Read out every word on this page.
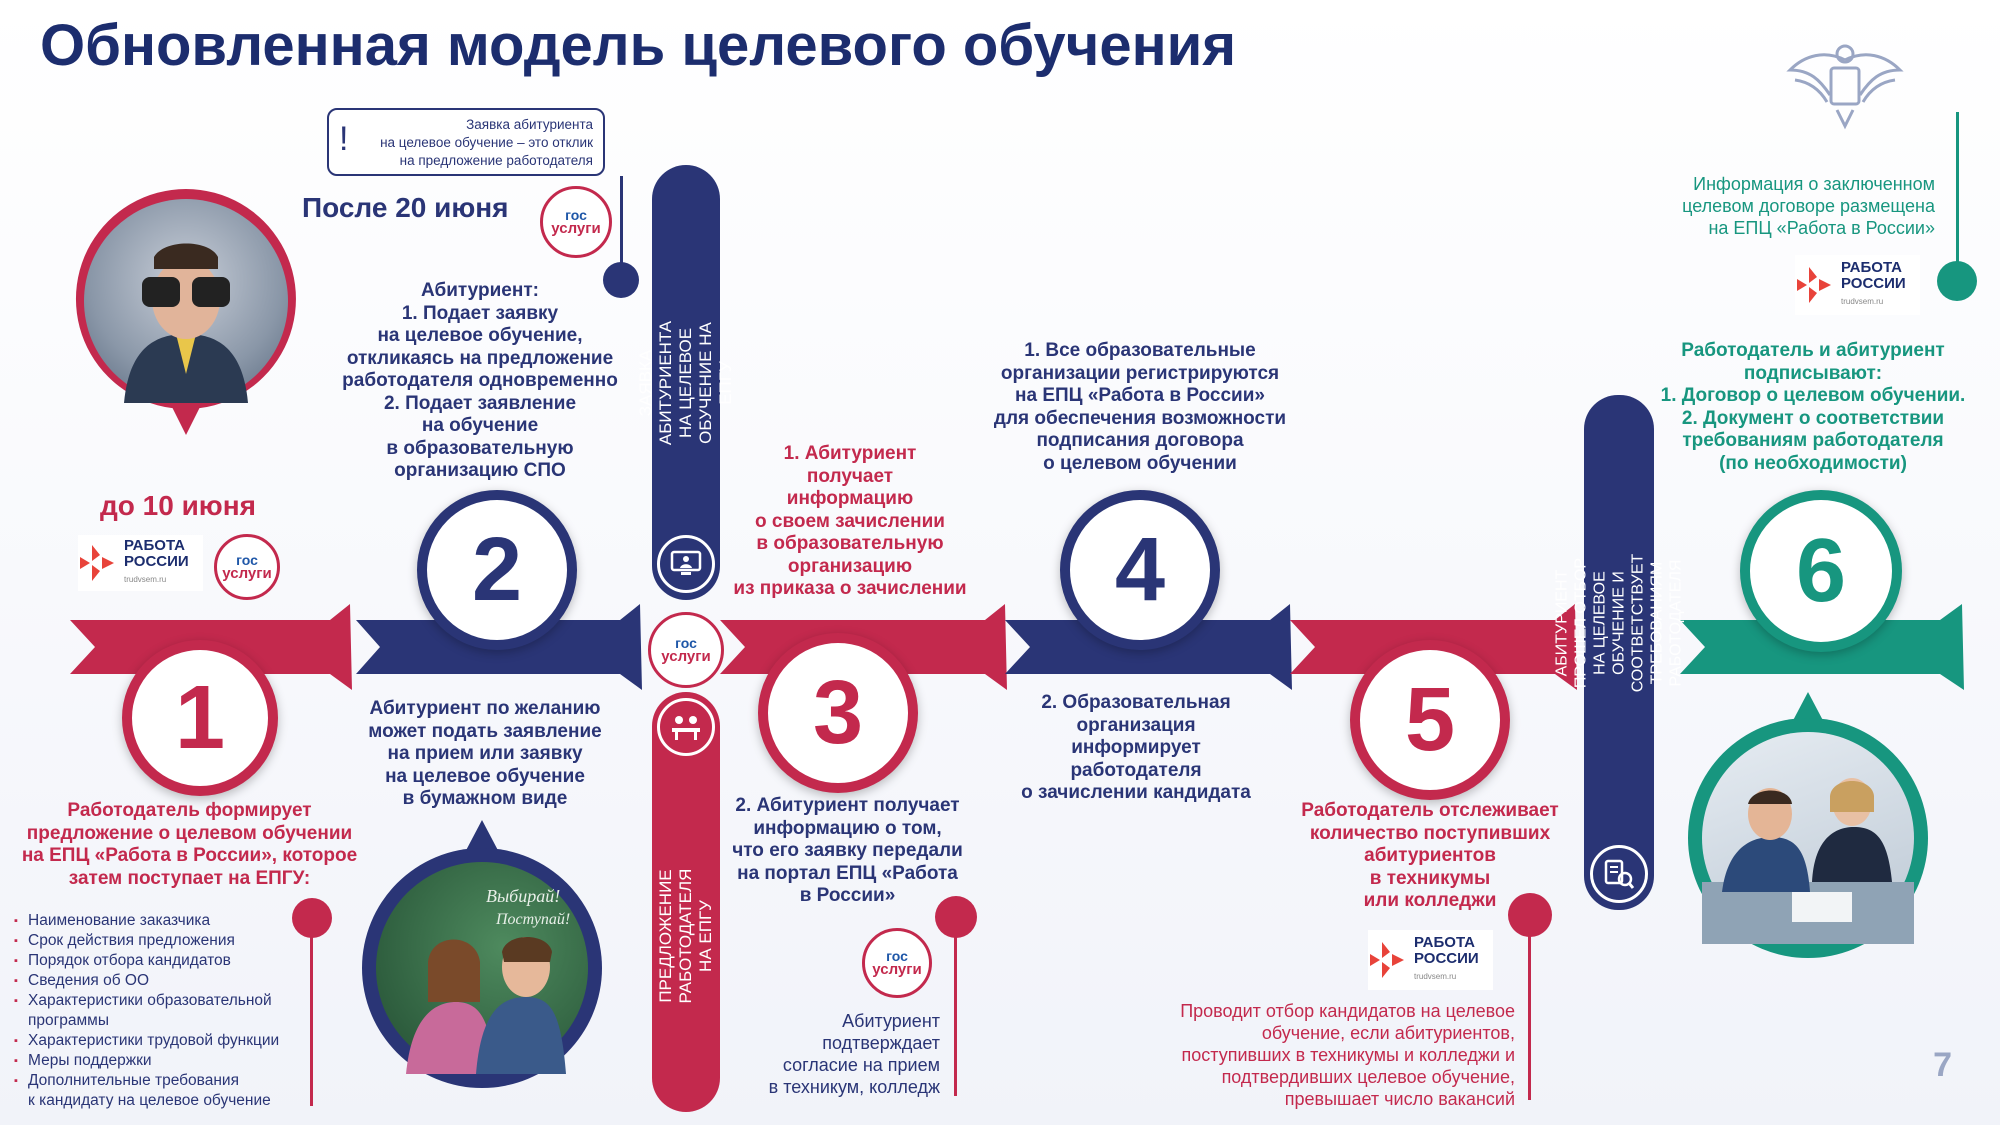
Обновленная модель целевого обучения
до 10 июня
РАБОТА
РОССИИ
trudvsem.ru
гос
услуги
1
Работодатель формирует
предложение о целевом обучении
на ЕПЦ «Работа в России», которое
затем поступает на ЕПГУ:
▪ Наименование заказчика
▪ Срок действия предложения
▪ Порядок отбора кандидатов
▪ Сведения об ОО
▪ Характеристики образовательной
программы
▪ Характеристики трудовой функции
▪ Меры поддержки
▪ Дополнительные требования
к кандидату на целевое обучение
!	Заявка абитуриента
на целевое обучение – это отклик
на предложение работодателя
После 20 июня	гос
услуги
Абитуриент:
1. Подает заявку
на целевое обучение,
откликаясь на предложение
работодателя одновременно
2. Подает заявление
на обучение
в образовательную
организацию СПО
2
Абитуриент по желанию
может подать заявление
на прием или заявку
на целевое обучение
в бумажном виде
Выбирай!
Поступай!
ЗАЯВКА АБИТУРИЕНТА
НА ЦЕЛЕВОЕ ОБУЧЕНИЕ НА ЕПГУ
гос
услуги
ПРЕДЛОЖЕНИЕ РАБОТОДАТЕЛЯ
НА ЕПГУ
1. Абитуриент
получает
информацию
о своем зачислении
в образовательную
организацию
из приказа о зачислении
3
2. Абитуриент получает
информацию о том,
что его заявку передали
на портал ЕПЦ «Работа
в России»
гос
услуги
Абитуриент
подтверждает
согласие на прием
в техникум, колледж
1. Все образовательные
организации регистрируются
на ЕПЦ «Работа в России»
для обеспечения возможности
подписания договора
о целевом обучении
4
2. Образовательная
организация
информирует
работодателя
о зачислении кандидата
5
Работодатель отслеживает
количество поступивших
абитуриентов
в техникумы
или колледжи
РАБОТА
РОССИИ
trudvsem.ru
Проводит отбор кандидатов на целевое
обучение, если абитуриентов,
поступивших в техникумы и колледжи и
подтвердивших целевое обучение,
превышает число вакансий
АБИТУРИЕНТ ПРОШЕЛ ОТБОР НА ЦЕЛЕВОЕ
ОБУЧЕНИЕ И СООТВЕТСТВУЕТ ТРЕБОВАНИЯМ
РАБОТОДАТЕЛЯ
Информация о заключенном
целевом договоре размещена
на ЕПЦ «Работа в России»
РАБОТА
РОССИИ
trudvsem.ru
Работодатель и абитуриент
подписывают:
1. Договор о целевом обучении.
2. Документ о соответствии
требованиям работодателя
(по необходимости)
6
7
